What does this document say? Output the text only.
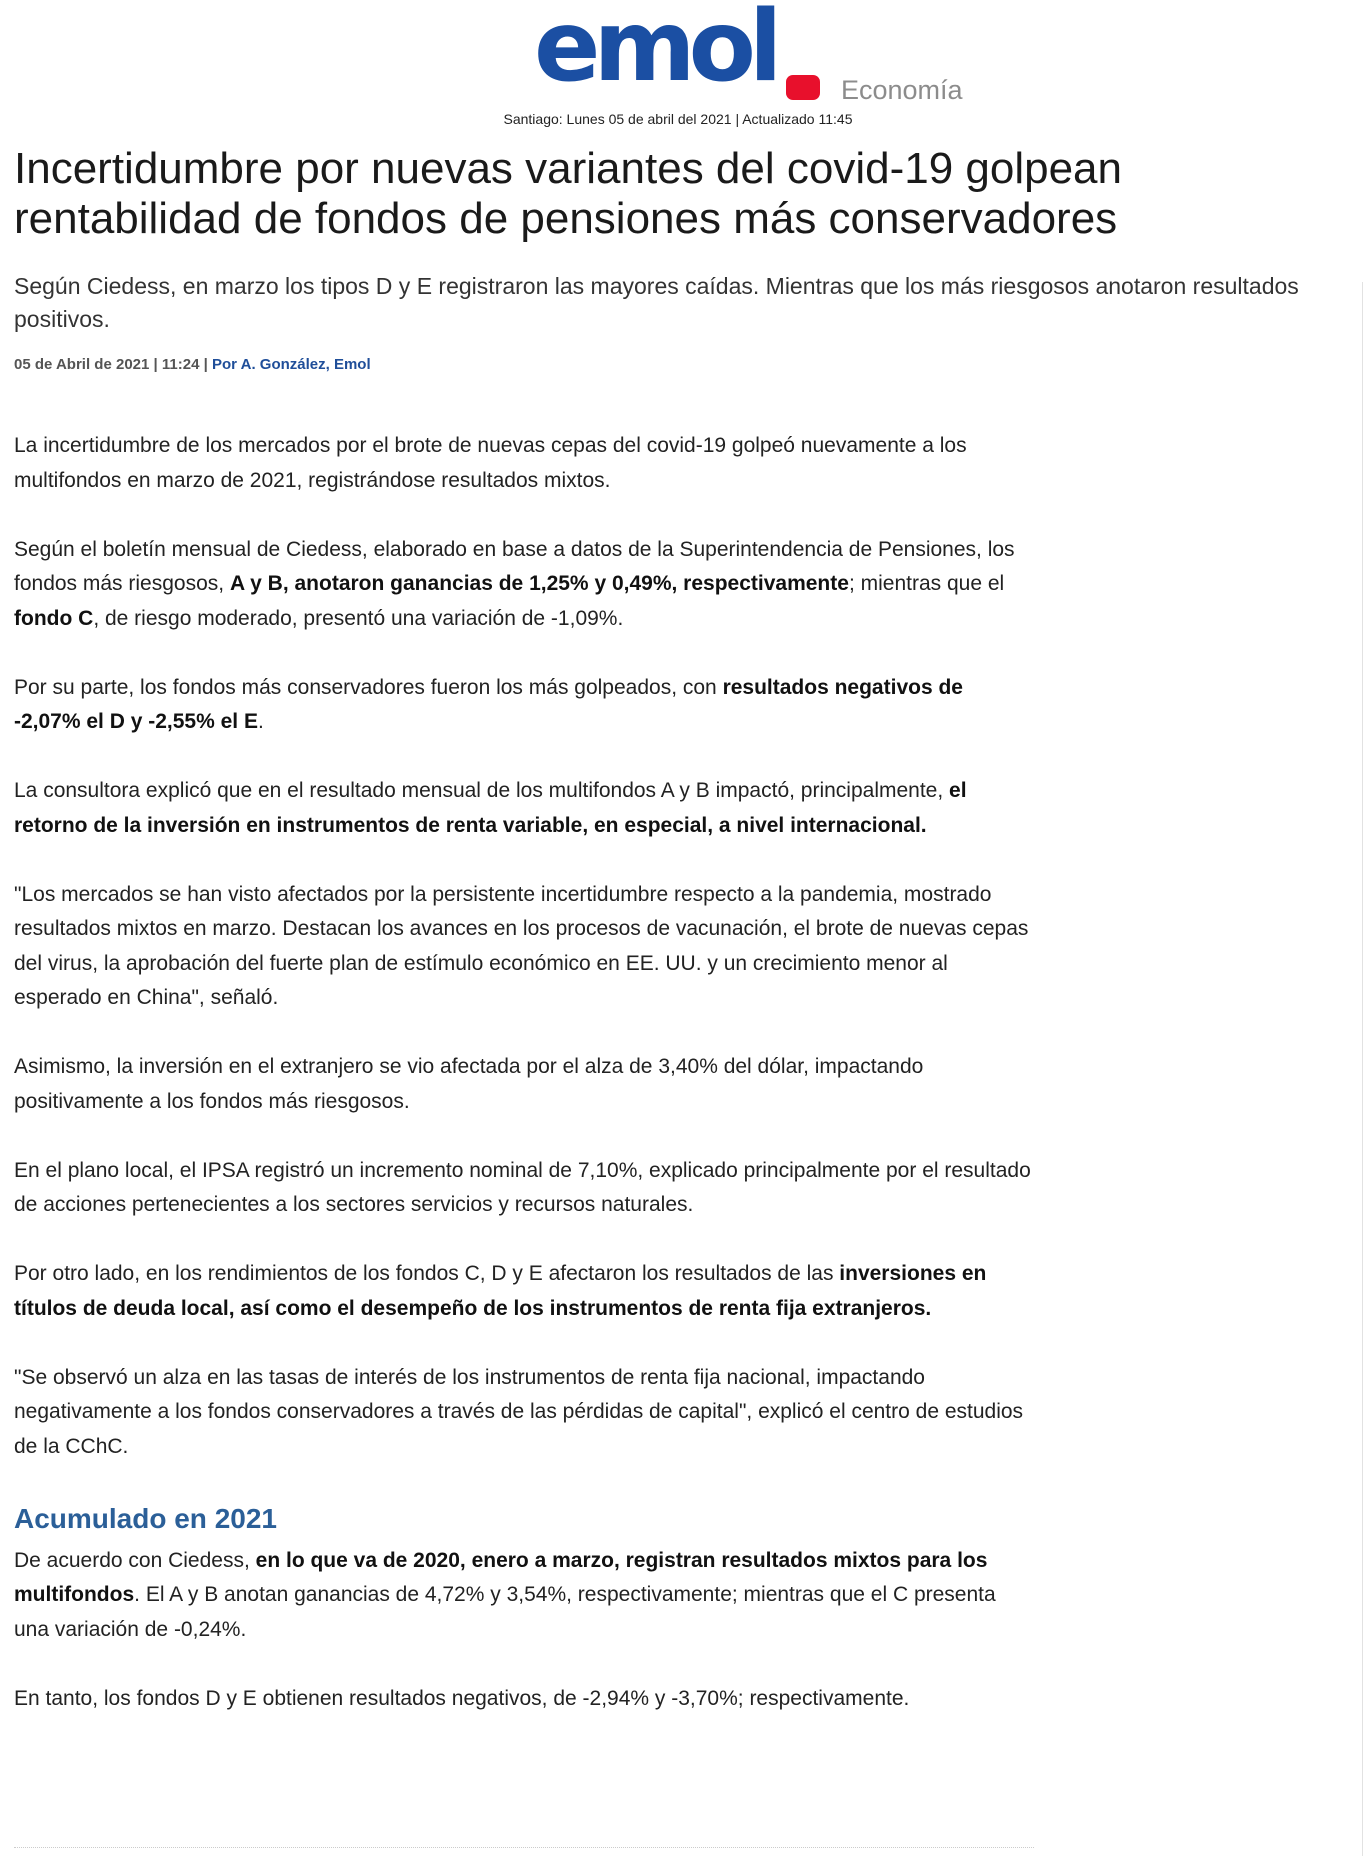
emol Economía
Santiago: Lunes 05 de abril del 2021 | Actualizado 11:45
Incertidumbre por nuevas variantes del covid-19 golpean rentabilidad de fondos de pensiones más conservadores

Según Ciedess, en marzo los tipos D y E registraron las mayores caídas. Mientras que los más riesgosos anotaron resultados positivos.

05 de Abril de 2021 | 11:24 | Por A. González, Emol

La incertidumbre de los mercados por el brote de nuevas cepas del covid-19 golpeó nuevamente a los multifondos en marzo de 2021, registrándose resultados mixtos.

Según el boletín mensual de Ciedess, elaborado en base a datos de la Superintendencia de Pensiones, los fondos más riesgosos, A y B, anotaron ganancias de 1,25% y 0,49%, respectivamente; mientras que el fondo C, de riesgo moderado, presentó una variación de -1,09%.

Por su parte, los fondos más conservadores fueron los más golpeados, con resultados negativos de -2,07% el D y -2,55% el E.

La consultora explicó que en el resultado mensual de los multifondos A y B impactó, principalmente, el retorno de la inversión en instrumentos de renta variable, en especial, a nivel internacional.

"Los mercados se han visto afectados por la persistente incertidumbre respecto a la pandemia, mostrado resultados mixtos en marzo. Destacan los avances en los procesos de vacunación, el brote de nuevas cepas del virus, la aprobación del fuerte plan de estímulo económico en EE. UU. y un crecimiento menor al esperado en China", señaló.

Asimismo, la inversión en el extranjero se vio afectada por el alza de 3,40% del dólar, impactando positivamente a los fondos más riesgosos.

En el plano local, el IPSA registró un incremento nominal de 7,10%, explicado principalmente por el resultado de acciones pertenecientes a los sectores servicios y recursos naturales.

Por otro lado, en los rendimientos de los fondos C, D y E afectaron los resultados de las inversiones en títulos de deuda local, así como el desempeño de los instrumentos de renta fija extranjeros.

"Se observó un alza en las tasas de interés de los instrumentos de renta fija nacional, impactando negativamente a los fondos conservadores a través de las pérdidas de capital", explicó el centro de estudios de la CChC.

Acumulado en 2021

De acuerdo con Ciedess, en lo que va de 2020, enero a marzo, registran resultados mixtos para los multifondos. El A y B anotan ganancias de 4,72% y 3,54%, respectivamente; mientras que el C presenta una variación de -0,24%.

En tanto, los fondos D y E obtienen resultados negativos, de -2,94% y -3,70%; respectivamente.
